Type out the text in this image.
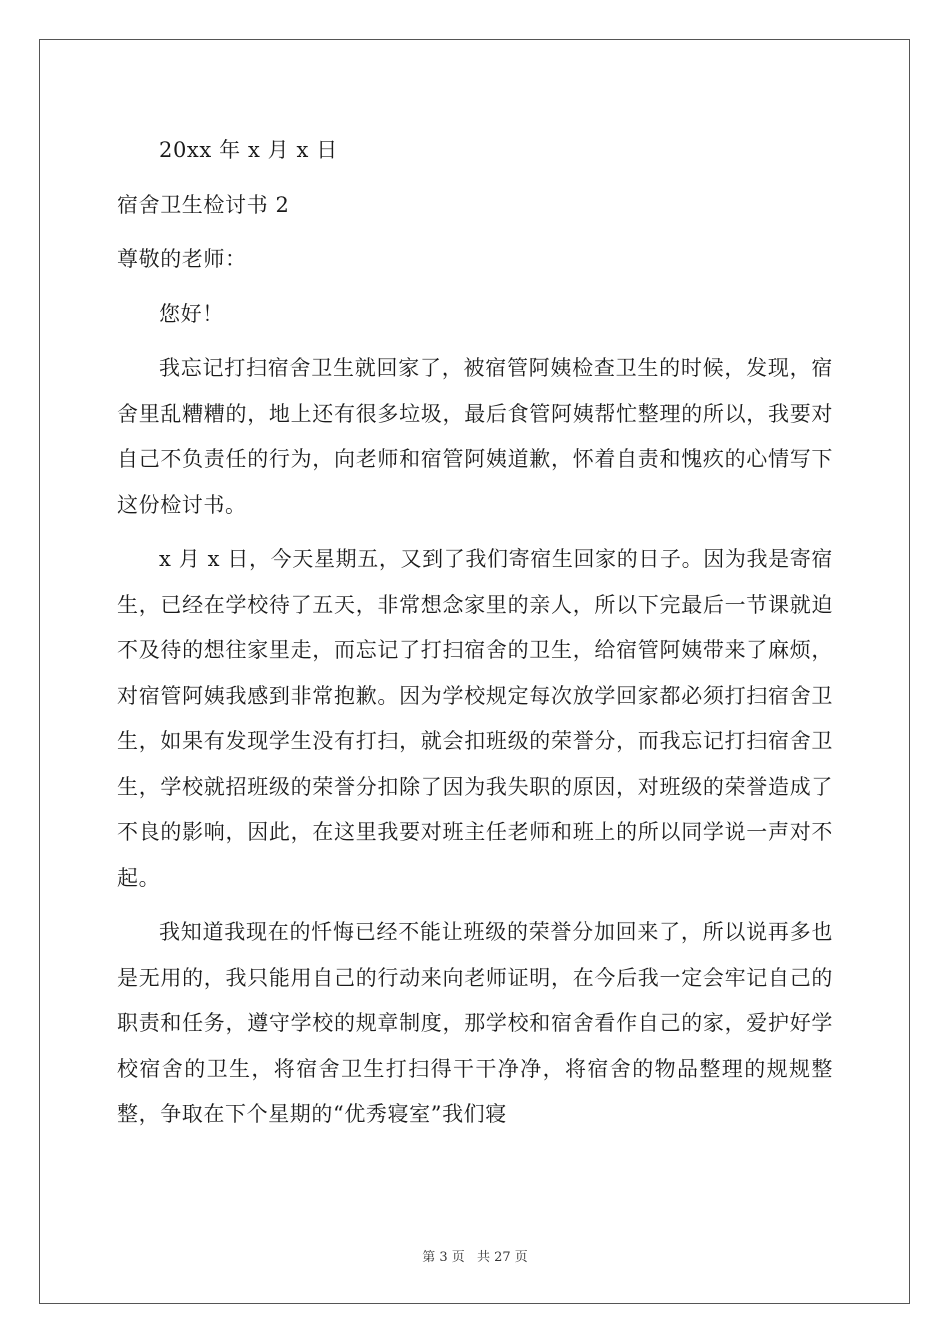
20xx 年 x 月 x 日
宿舍卫生检讨书 2
尊敬的老师：
您好！

我忘记打扫宿舍卫生就回家了，被宿管阿姨检查卫生的时候，发现，宿舍里乱糟糟的，地上还有很多垃圾，最后食管阿姨帮忙整理的所以，我要对自己不负责任的行为，向老师和宿管阿姨道歉，怀着自责和愧疚的心情写下这份检讨书。

x 月 x 日，今天星期五，又到了我们寄宿生回家的日子。因为我是寄宿生，已经在学校待了五天，非常想念家里的亲人，所以下完最后一节课就迫不及待的想往家里走，而忘记了打扫宿舍的卫生，给宿管阿姨带来了麻烦，对宿管阿姨我感到非常抱歉。因为学校规定每次放学回家都必须打扫宿舍卫生，如果有发现学生没有打扫，就会扣班级的荣誉分，而我忘记打扫宿舍卫生，学校就招班级的荣誉分扣除了因为我失职的原因，对班级的荣誉造成了不良的影响，因此，在这里我要对班主任老师和班上的所以同学说一声对不起。

我知道我现在的忏悔已经不能让班级的荣誉分加回来了，所以说再多也是无用的，我只能用自己的行动来向老师证明，在今后我一定会牢记自己的职责和任务，遵守学校的规章制度，那学校和宿舍看作自己的家，爱护好学校宿舍的卫生，将宿舍卫生打扫得干干净净，将宿舍的物品整理的规规整整，争取在下个星期的“优秀寝室”我们寝

第 3 页 共 27 页
